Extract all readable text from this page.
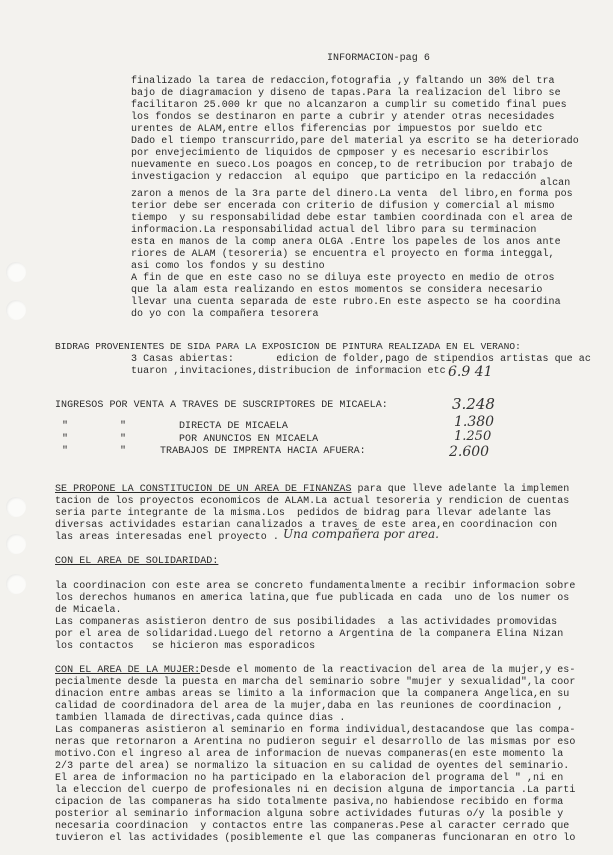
INFORMACION-pag 6
finalizado la tarea de redaccion,fotografia ,y faltando un 30% del tra
bajo de diagramacion y diseno de tapas.Para la realizacion del libro se
facilitaron 25.000 kr que no alcanzaron a cumplir su cometido final pues
los fondos se destinaron en parte a cubrir y atender otras necesidades
urentes de ALAM,entre ellos fiferencias por impuestos por sueldo etc
Dado el tiempo transcurrido,pare del material ya escrito se ha deteriorado
por envejecimiento de liquidos de cpmposer y es necesario escribirlos
nuevamente en sueco.Los poagos en concep,to de retribucion por trabajo de
investigacion y redaccion  al equipo  que participo en la redacción
alcan
zaron a menos de la 3ra parte del dinero.La venta  del libro,en forma pos
terior debe ser encerada con criterio de difusion y comercial al mismo
tiempo  y su responsabilidad debe estar tambien coordinada con el area de
informacion.La responsabilidad actual del libro para su terminacion
esta en manos de la comp anera OLGA .Entre los papeles de los anos ante
riores de ALAM (tesoreria) se encuentra el proyecto en forma integgal,
asi como los fondos y su destino
A fin de que en este caso no se diluya este proyecto en medio de otros
que la alam esta realizando en estos momentos se considera necesario
llevar una cuenta separada de este rubro.En este aspecto se ha coordina
do yo con la compañera tesorera
BIDRAG PROVENIENTES DE SIDA PARA LA EXPOSICION DE PINTURA REALIZADA EN EL VERANO:
3 Casas abiertas:       edicion de folder,pago de stipendios artistas que ac
tuaron ,invitaciones,distribucion de informacion etc 6.9 41
INGRESOS POR VENTA A TRAVES DE SUSCRIPTORES DE MICAELA:	3.248
"	"	DIRECTA DE MICAELA	1.380
"	"	POR ANUNCIOS EN MICAELA	1.250
"	"	TRABAJOS DE IMPRENTA HACIA AFUERA:	2.600
SE PROPONE LA CONSTITUCION DE UN AREA DE FINANZAS para que lleve adelante la implemen
tacion de los proyectos economicos de ALAM.La actual tesoreria y rendicion de cuentas
seria parte integrante de la misma.Los  pedidos de bidrag para llevar adelante las
diversas actividades estarian canalizados a traves de este area,en coordinacion con
las areas interesadas enel proyecto . Una compañera por area.
CON EL AREA DE SOLIDARIDAD:
la coordinacion con este area se concreto fundamentalmente a recibir informacion sobre
los derechos humanos en america latina,que fue publicada en cada  uno de los numer os
de Micaela.
Las companeras asistieron dentro de sus posibilidades  a las actividades promovidas
por el area de solidaridad.Luego del retorno a Argentina de la companera Elina Nizan
los contactos   se hicieron mas esporadicos
CON EL AREA DE LA MUJER:Desde el momento de la reactivacion del area de la mujer,y es-
pecialmente desde la puesta en marcha del seminario sobre "mujer y sexualidad",la coor
dinacion entre ambas areas se limito a la informacion que la companera Angelica,en su
calidad de coordinadora del area de la mujer,daba en las reuniones de coordinacion ,
tambien llamada de directivas,cada quince dias .
Las companeras asistieron al seminario en forma individual,destacandose que las compa-
neras que retornaron a Arentina no pudieron seguir el desarrollo de las mismas por eso
motivo.Con el ingreso al area de informacion de nuevas companeras(en este momento la
2/3 parte del area) se normalizo la situacion en su calidad de oyentes del seminario.
El area de informacion no ha participado en la elaboracion del programa del " ,ni en
la eleccion del cuerpo de profesionales ni en decision alguna de importancia .La parti
cipacion de las companeras ha sido totalmente pasiva,no habiendose recibido en forma
posterior al seminario informacion alguna sobre actividades futuras o/y la posible y
necesaria coordinacion  y contactos entre las companeras.Pese al caracter cerrado que
tuvieron el las actividades (posiblemente el que las companeras funcionaran en otro lo
